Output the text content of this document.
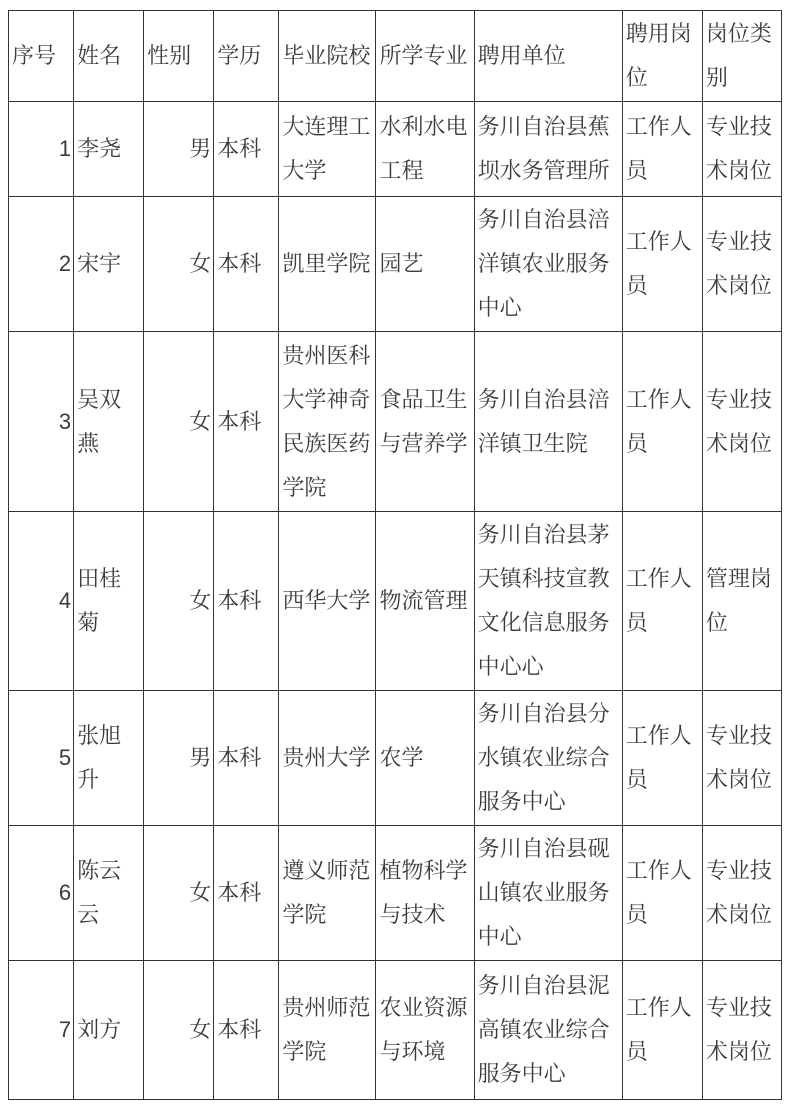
序号	姓名	性别	学历	毕业院校	所学专业	聘用单位	聘用岗位	岗位类别
1	李尧	男	本科	大连理工大学	水利水电工程	务川自治县蕉坝水务管理所	工作人员	专业技术岗位
2	宋宇	女	本科	凯里学院	园艺	务川自治县涪洋镇农业服务中心	工作人员	专业技术岗位
3	吴双燕	女	本科	贵州医科大学神奇民族医药学院	食品卫生与营养学	务川自治县涪洋镇卫生院	工作人员	专业技术岗位
4	田桂菊	女	本科	西华大学	物流管理	务川自治县茅天镇科技宣教文化信息服务中心心	工作人员	管理岗位
5	张旭升	男	本科	贵州大学	农学	务川自治县分水镇农业综合服务中心	工作人员	专业技术岗位
6	陈云云	女	本科	遵义师范学院	植物科学与技术	务川自治县砚山镇农业服务中心	工作人员	专业技术岗位
7	刘方	女	本科	贵州师范学院	农业资源与环境	务川自治县泥高镇农业综合服务中心	工作人员	专业技术岗位
